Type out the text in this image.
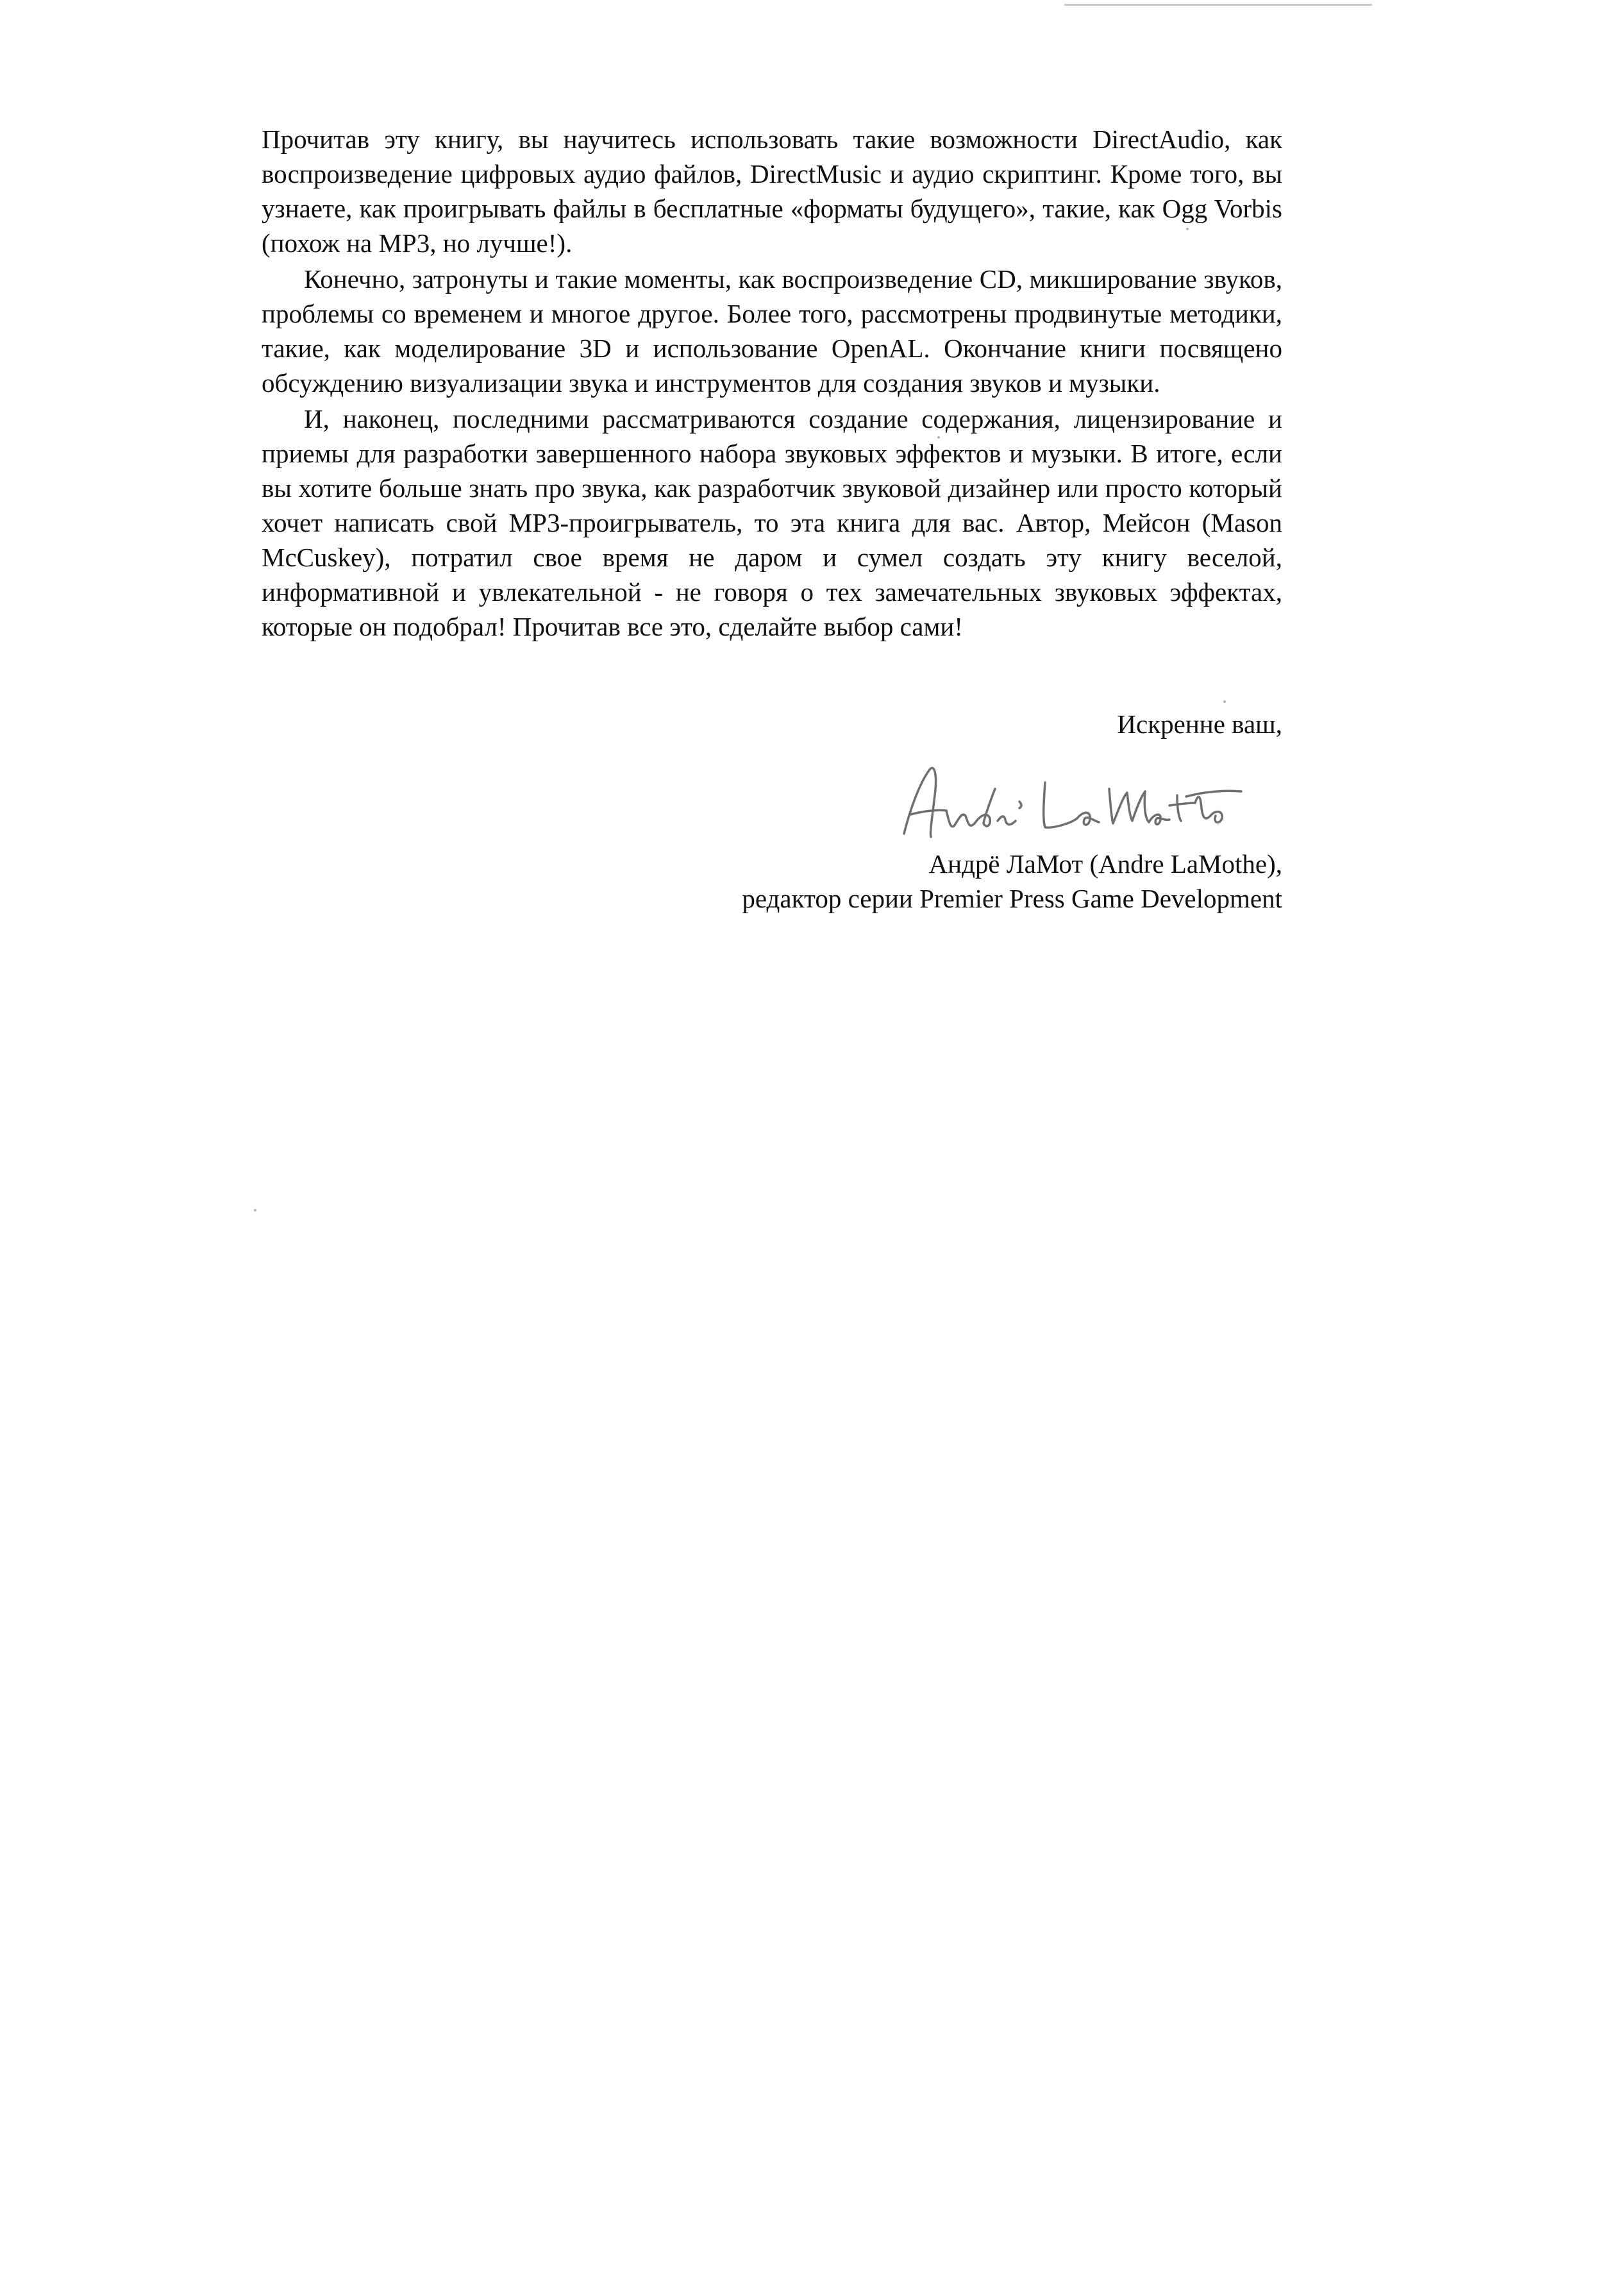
Прочитав эту книгу, вы научитесь использовать такие возможности DirectAudio, как воспроизведение цифровых аудио файлов, DirectMusic и аудио скриптинг. Кроме того, вы узнаете, как проигрывать файлы в бесплатные «форматы будущего», такие, как Ogg Vorbis (похож на MP3, но лучше!).

Конечно, затронуты и такие моменты, как воспроизведение CD, микширование звуков, проблемы со временем и многое другое. Более того, рассмотрены продвинутые методики, такие, как моделирование 3D и использование OpenAL. Окончание книги посвящено обсуждению визуализации звука и инструментов для создания звуков и музыки.

И, наконец, последними рассматриваются создание содержания, лицензирование и приемы для разработки завершенного набора звуковых эффектов и музыки. В итоге, если вы хотите больше знать про звука, как разработчик звуковой дизайнер или просто который хочет написать свой MP3-проигрыватель, то эта книга для вас. Автор, Мейсон (Mason McCuskey), потратил свое время не даром и сумел создать эту книгу веселой, информативной и увлекательной - не говоря о тех замечательных звуковых эффектах, которые он подобрал! Прочитав все это, сделайте выбор сами!

Искренне ваш,
Андрё ЛаМот (Andre LaMothe),
редактор серии Premier Press Game Development
